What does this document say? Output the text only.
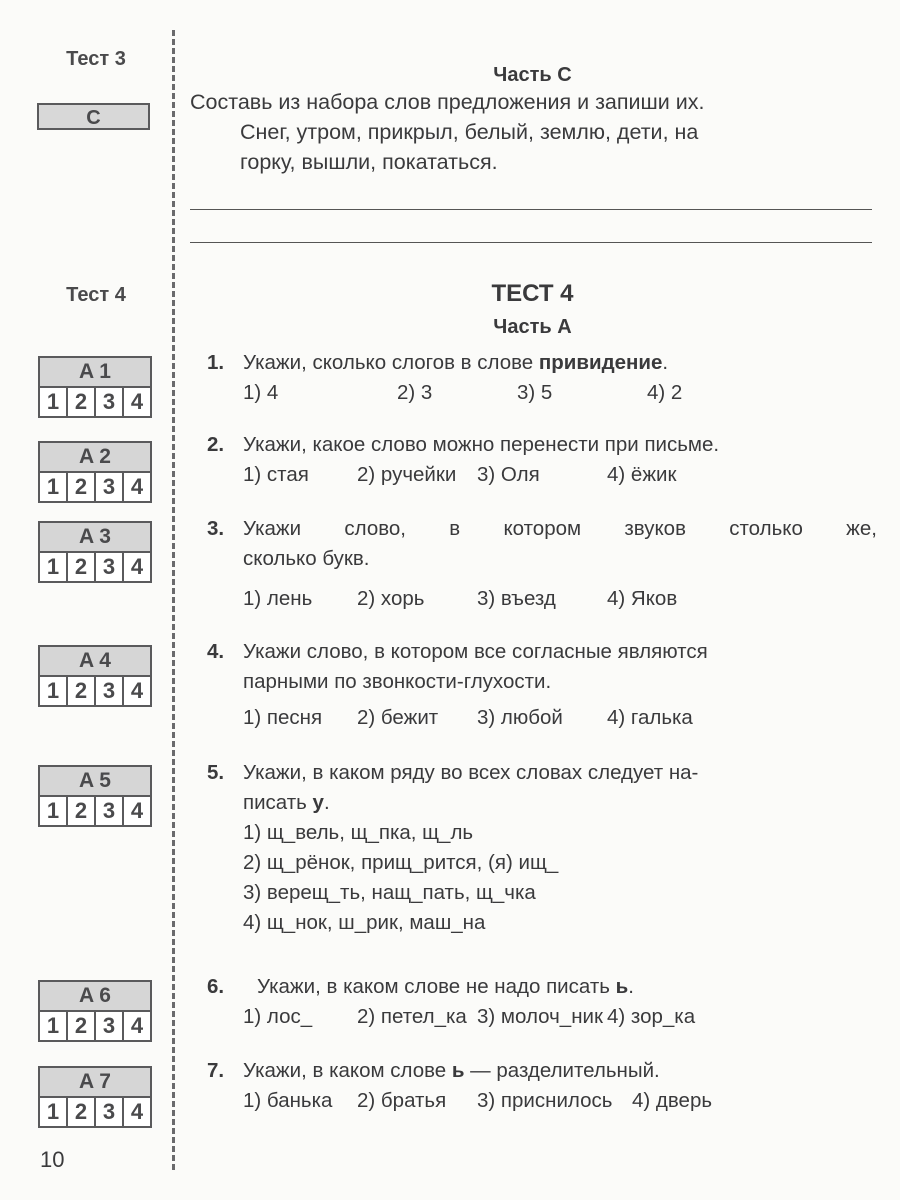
Тест 3
C
Тест 4
A 1
1 2 3 4
A 2
1 2 3 4
A 3
1 2 3 4
A 4
1 2 3 4
A 5
1 2 3 4
A 6
1 2 3 4
A 7
1 2 3 4
10
Часть С
Составь из набора слов предложения и запиши их.
Снег, утром, прикрыл, белый, землю, дети, на
горку, вышли, покататься.
ТЕСТ 4
Часть А
1. Укажи, сколько слогов в слове привидение.
1) 4	2) 3	3) 5	4) 2
2. Укажи, какое слово можно перенести при письме.
1) стая	2) ручейки	3) Оля	4) ёжик
3. Укажи слово, в котором звуков столько же,
сколько букв.
1) лень	2) хорь	3) въезд	4) Яков
4. Укажи слово, в котором все согласные являются
парными по звонкости-глухости.
1) песня	2) бежит	3) любой	4) галька
5. Укажи, в каком ряду во всех словах следует на-
писать у.
1) щ_вель, щ_пка, щ_ль
2) щ_рёнок, прищ_рится, (я) ищ_
3) верещ_ть, нащ_пать, щ_чка
4) щ_нок, ш_рик, маш_на
6.	Укажи, в каком слове не надо писать ь.
1) лос_	2) петел_ка 3) молоч_ник 4) зор_ка
7. Укажи, в каком слове ь — разделительный.
1) банька	2) братья	3) приснилось 4) дверь
